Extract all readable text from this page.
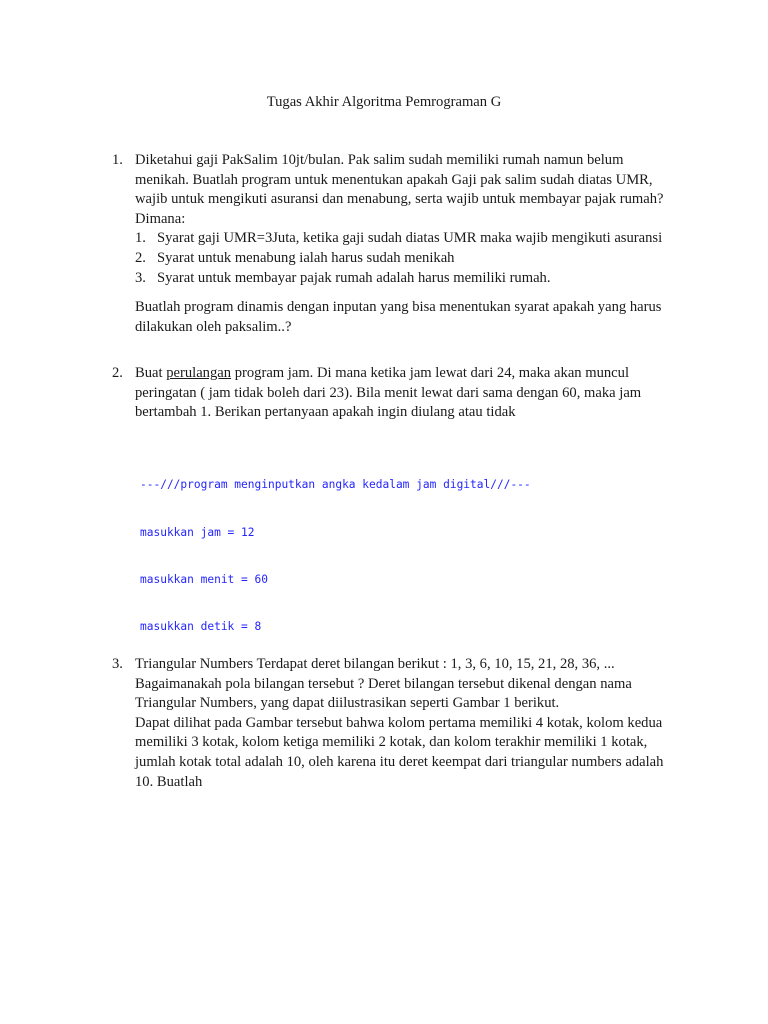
Tugas Akhir Algoritma Pemrograman G
1. Diketahui gaji PakSalim 10jt/bulan. Pak salim sudah memiliki rumah namun belum menikah. Buatlah program untuk menentukan apakah Gaji pak salim sudah diatas UMR, wajib untuk mengikuti asuransi dan menabung, serta wajib untuk membayar pajak rumah? Dimana:
1. Syarat gaji UMR=3Juta, ketika gaji sudah diatas UMR maka wajib mengikuti asuransi
2. Syarat untuk menabung ialah harus sudah menikah
3. Syarat untuk membayar pajak rumah adalah harus memiliki rumah.
Buatlah program dinamis dengan inputan yang bisa menentukan syarat apakah yang harus dilakukan oleh paksalim..?
2. Buat perulangan program jam. Di mana ketika jam lewat dari 24, maka akan muncul peringatan ( jam tidak boleh dari 23). Bila menit lewat dari sama dengan 60, maka jam bertambah 1. Berikan pertanyaan apakah ingin diulang atau tidak

---///program menginputkan angka kedalam jam digital///---

masukkan jam = 12

masukkan menit = 60

masukkan detik = 8

3. Triangular Numbers Terdapat deret bilangan berikut : 1, 3, 6, 10, 15, 21, 28, 36, ... Bagaimanakah pola bilangan tersebut ? Deret bilangan tersebut dikenal dengan nama Triangular Numbers, yang dapat diilustrasikan seperti Gambar 1 berikut.
Dapat dilihat pada Gambar tersebut bahwa kolom pertama memiliki 4 kotak, kolom kedua memiliki 3 kotak, kolom ketiga memiliki 2 kotak, dan kolom terakhir memiliki 1 kotak, jumlah kotak total adalah 10, oleh karena itu deret keempat dari triangular numbers adalah 10. Buatlah
